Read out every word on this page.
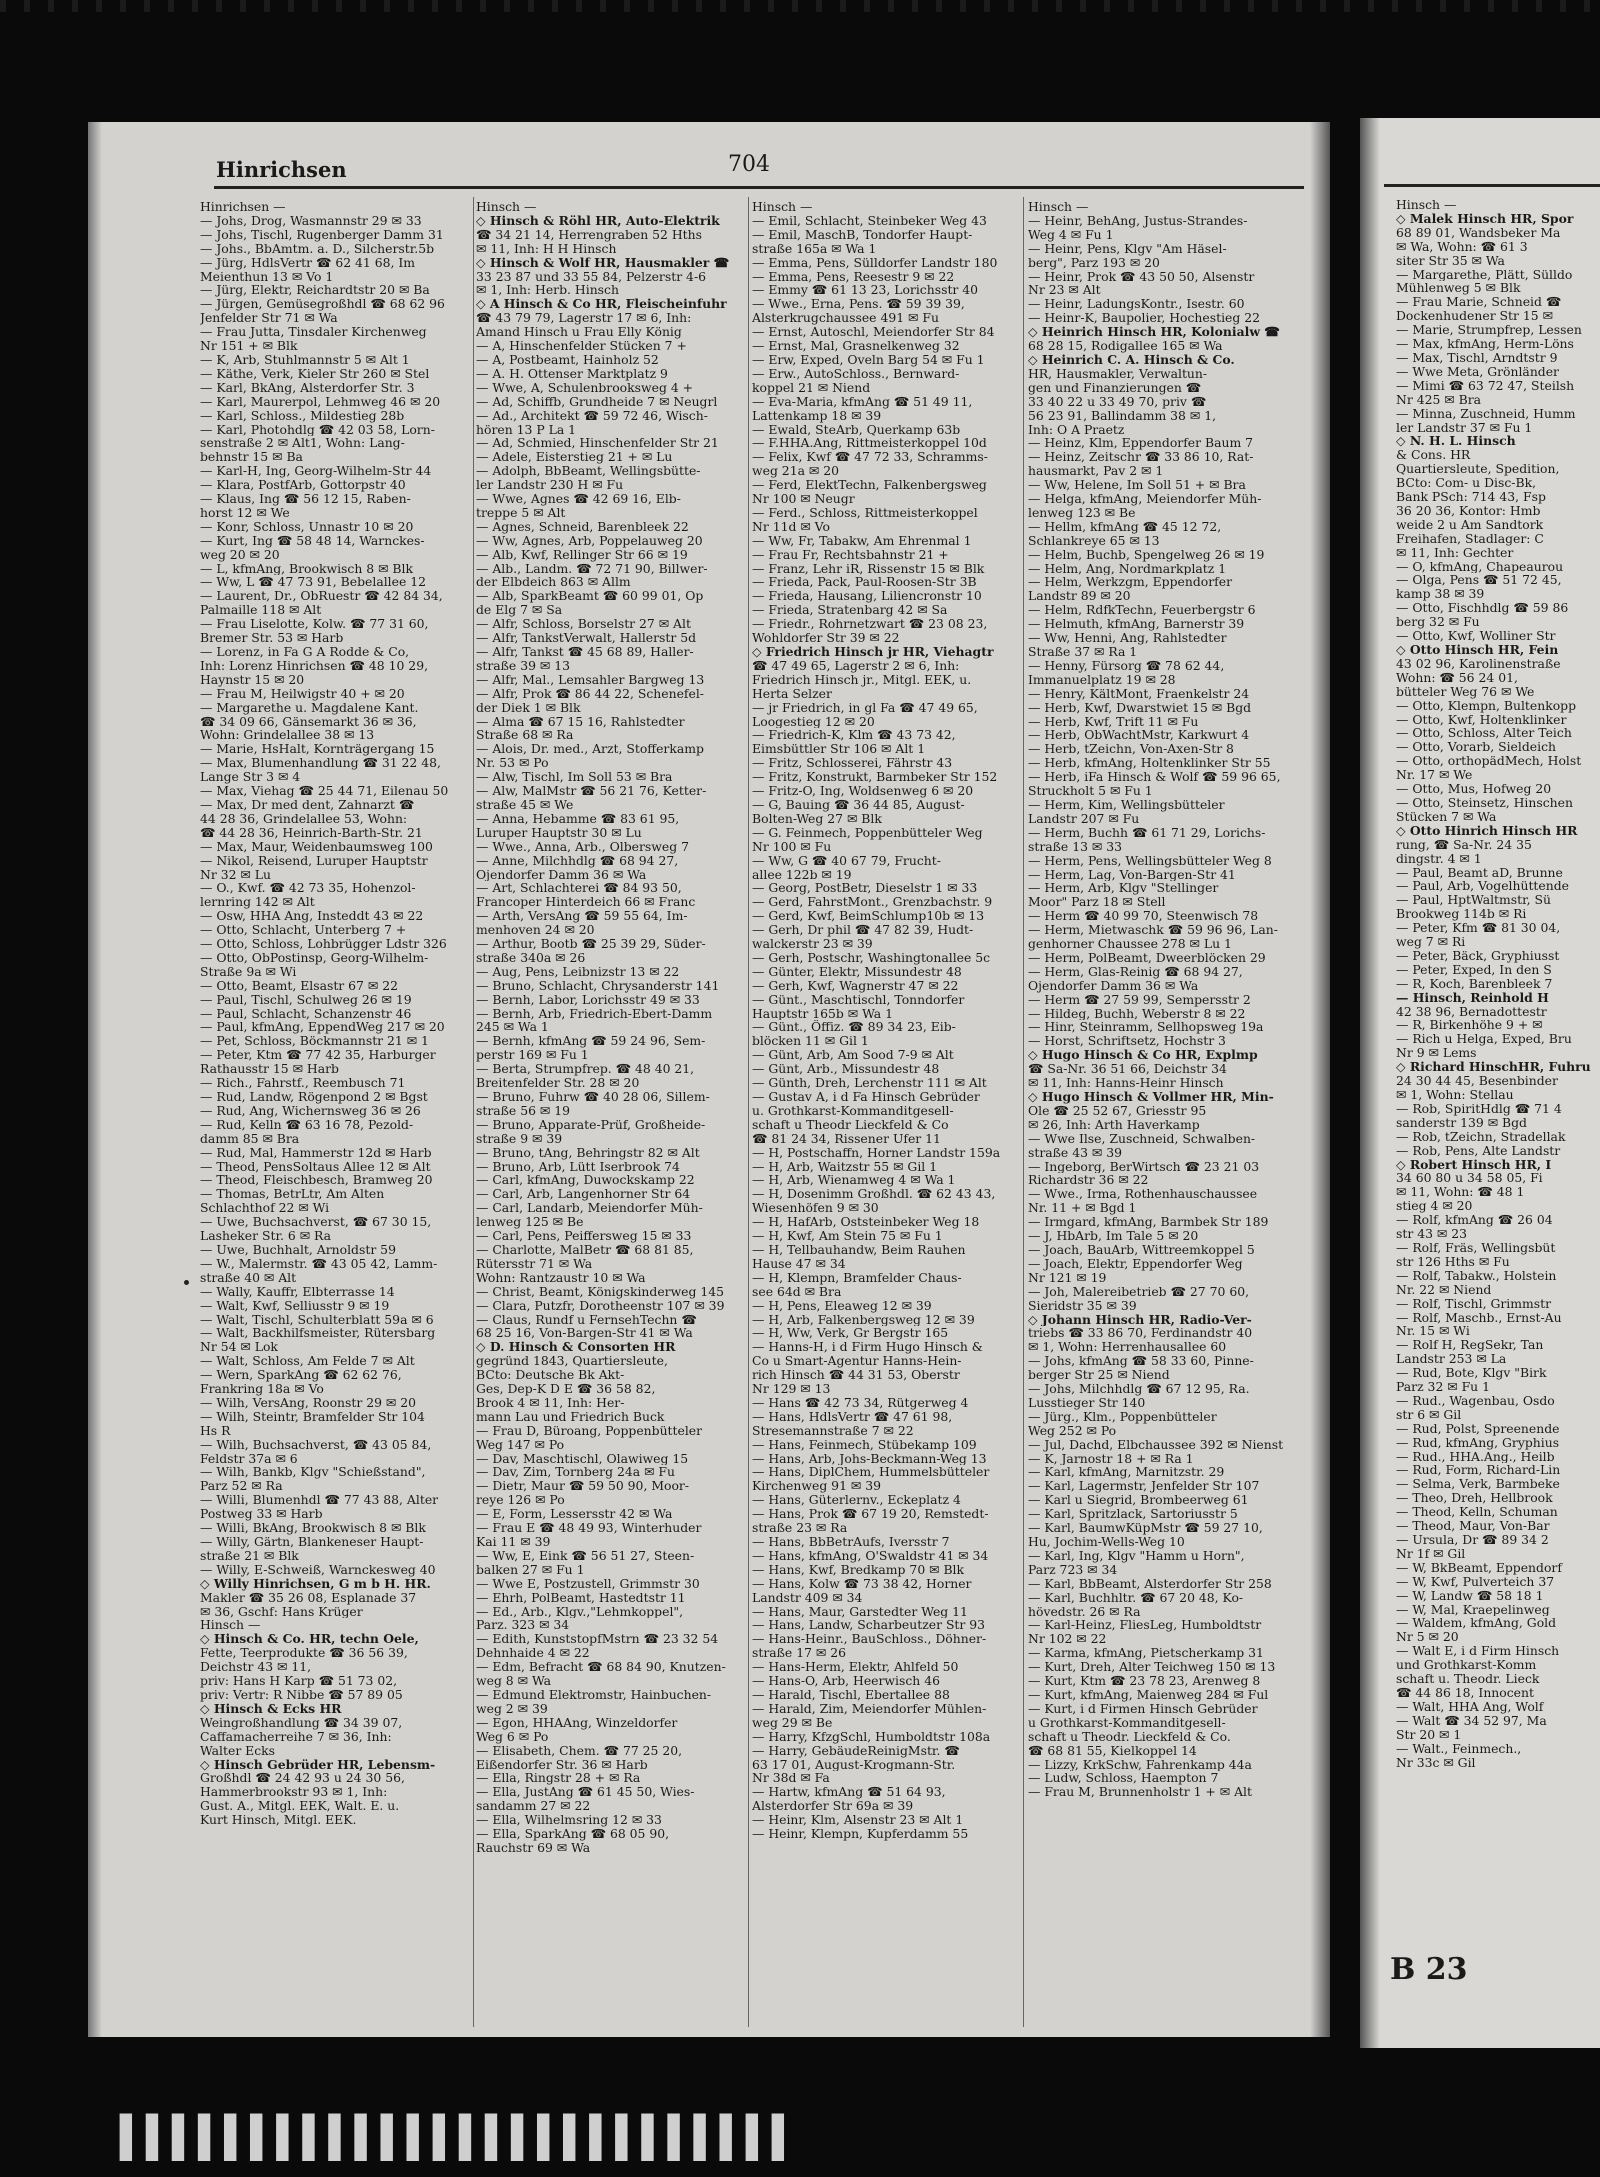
Hinrichsen	704

Hinrichsen —

— Johs, Drog, Wasmannstr 29 ✉ 33

— Johs, Tischl, Rugenberger Damm 31

— Johs., BbAmtm. a. D., Silcherstr.5b

— Jürg, HdlsVertr ☎ 62 41 68, Im

Meienthun 13 ✉ Vo 1

— Jürg, Elektr, Reichardtstr 20 ✉ Ba

— Jürgen, Gemüsegroßhdl ☎ 68 62 96

Jenfelder Str 71 ✉ Wa

— Frau Jutta, Tinsdaler Kirchenweg

Nr 151 + ✉ Blk

— K, Arb, Stuhlmannstr 5 ✉ Alt 1

— Käthe, Verk, Kieler Str 260 ✉ Stel

— Karl, BkAng, Alsterdorfer Str. 3

— Karl, Maurerpol, Lehmweg 46 ✉ 20

— Karl, Schloss., Mildestieg 28b

— Karl, Photohdlg ☎ 42 03 58, Lorn-

senstraße 2 ✉ Alt1, Wohn: Lang-

behnstr 15 ✉ Ba

— Karl-H, Ing, Georg-Wilhelm-Str 44

— Klara, PostfArb, Gottorpstr 40

— Klaus, Ing ☎ 56 12 15, Raben-

horst 12 ✉ We

— Konr, Schloss, Unnastr 10 ✉ 20

— Kurt, Ing ☎ 58 48 14, Warnckes-

weg 20 ✉ 20

— L, kfmAng, Brookwisch 8 ✉ Blk

— Ww, L ☎ 47 73 91, Bebelallee 12

— Laurent, Dr., ObRuestr ☎ 42 84 34,

Palmaille 118 ✉ Alt

— Frau Liselotte, Kolw. ☎ 77 31 60,

Bremer Str. 53 ✉ Harb

— Lorenz, in Fa G A Rodde & Co,

Inh: Lorenz Hinrichsen ☎ 48 10 29,

Haynstr 15 ✉ 20

— Frau M, Heilwigstr 40 + ✉ 20

— Margarethe u. Magdalene Kant.

☎ 34 09 66, Gänsemarkt 36 ✉ 36,

Wohn: Grindelallee 38 ✉ 13

— Marie, HsHalt, Kornträgergang 15

— Max, Blumenhandlung ☎ 31 22 48,

Lange Str 3 ✉ 4

— Max, Viehag ☎ 25 44 71, Eilenau 50

— Max, Dr med dent, Zahnarzt ☎

44 28 36, Grindelallee 53, Wohn:

☎ 44 28 36, Heinrich-Barth-Str. 21

— Max, Maur, Weidenbaumsweg 100

— Nikol, Reisend, Luruper Hauptstr

Nr 32 ✉ Lu

— O., Kwf. ☎ 42 73 35, Hohenzol-

lernring 142 ✉ Alt

— Osw, HHA Ang, Insteddt 43 ✉ 22

— Otto, Schlacht, Unterberg 7 +

— Otto, Schloss, Lohbrügger Ldstr 326

— Otto, ObPostinsp, Georg-Wilhelm-

Straße 9a ✉ Wi

— Otto, Beamt, Elsastr 67 ✉ 22

— Paul, Tischl, Schulweg 26 ✉ 19

— Paul, Schlacht, Schanzenstr 46

— Paul, kfmAng, EppendWeg 217 ✉ 20

— Pet, Schloss, Böckmannstr 21 ✉ 1

— Peter, Ktm ☎ 77 42 35, Harburger

Rathausstr 15 ✉ Harb

— Rich., Fahrstf., Reembusch 71

— Rud, Landw, Rögenpond 2 ✉ Bgst

— Rud, Ang, Wichernsweg 36 ✉ 26

— Rud, Kelln ☎ 63 16 78, Pezold-

damm 85 ✉ Bra

— Rud, Mal, Hammerstr 12d ✉ Harb

— Theod, PensSoltaus Allee 12 ✉ Alt

— Theod, Fleischbesch, Bramweg 20

— Thomas, BetrLtr, Am Alten

Schlachthof 22 ✉ Wi

— Uwe, Buchsachverst, ☎ 67 30 15,

Lasheker Str. 6 ✉ Ra

— Uwe, Buchhalt, Arnoldstr 59

— W., Malermstr. ☎ 43 05 42, Lamm-

straße 40 ✉ Alt

— Wally, Kauffr, Elbterrasse 14

— Walt, Kwf, Selliusstr 9 ✉ 19

— Walt, Tischl, Schulterblatt 59a ✉ 6

— Walt, Backhilfsmeister, Rütersbarg

Nr 54 ✉ Lok

— Walt, Schloss, Am Felde 7 ✉ Alt

— Wern, SparkAng ☎ 62 62 76,

Frankring 18a ✉ Vo

— Wilh, VersAng, Roonstr 29 ✉ 20

— Wilh, Steintr, Bramfelder Str 104

Hs R

— Wilh, Buchsachverst, ☎ 43 05 84,

Feldstr 37a ✉ 6

— Wilh, Bankb, Klgv "Schießstand",

Parz 52 ✉ Ra

— Willi, Blumenhdl ☎ 77 43 88, Alter

Postweg 33 ✉ Harb

— Willi, BkAng, Brookwisch 8 ✉ Blk

— Willy, Gärtn, Blankeneser Haupt-

straße 21 ✉ Blk

— Willy, E-Schweiß, Warnckesweg 40

◇ Willy Hinrichsen, G m b H. HR.

Makler ☎ 35 26 08, Esplanade 37

✉ 36, Gschf: Hans Krüger

Hinsch —

◇ Hinsch & Co. HR, techn Oele,

Fette, Teerprodukte ☎ 36 56 39,

Deichstr 43 ✉ 11,

priv: Hans H Karp ☎ 51 73 02,

priv: Vertr: R Nibbe ☎ 57 89 05

◇ Hinsch & Ecks HR

Weingroßhandlung ☎ 34 39 07,

Caffamacherreihe 7 ✉ 36, Inh:

Walter Ecks

◇ Hinsch Gebrüder HR, Lebensm-

Großhdl ☎ 24 42 93 u 24 30 56,

Hammerbrookstr 93 ✉ 1, Inh:

Gust. A., Mitgl. EEK, Walt. E. u.

Kurt Hinsch, Mitgl. EEK.

Hinsch —

◇ Hinsch & Röhl HR, Auto-Elektrik

☎ 34 21 14, Herrengraben 52 Hths

✉ 11, Inh: H H Hinsch

◇ Hinsch & Wolf HR, Hausmakler ☎

33 23 87 und 33 55 84, Pelzerstr 4-6

✉ 1, Inh: Herb. Hinsch

◇ A Hinsch & Co HR, Fleischeinfuhr

☎ 43 79 79, Lagerstr 17 ✉ 6, Inh:

Amand Hinsch u Frau Elly König

— A, Hinschenfelder Stücken 7 +

— A, Postbeamt, Hainholz 52

— A. H. Ottenser Marktplatz 9

— Wwe, A, Schulenbrooksweg 4 +

— Ad, Schiffb, Grundheide 7 ✉ Neugrl

— Ad., Architekt ☎ 59 72 46, Wisch-

hören 13 P La 1

— Ad, Schmied, Hinschenfelder Str 21

— Adele, Eisterstieg 21 + ✉ Lu

— Adolph, BbBeamt, Wellingsbütte-

ler Landstr 230 H ✉ Fu

— Wwe, Agnes ☎ 42 69 16, Elb-

treppe 5 ✉ Alt

— Agnes, Schneid, Barenbleek 22

— Ww, Agnes, Arb, Poppelauweg 20

— Alb, Kwf, Rellinger Str 66 ✉ 19

— Alb., Landm. ☎ 72 71 90, Billwer-

der Elbdeich 863 ✉ Allm

— Alb, SparkBeamt ☎ 60 99 01, Op

de Elg 7 ✉ Sa

— Alfr, Schloss, Borselstr 27 ✉ Alt

— Alfr, TankstVerwalt, Hallerstr 5d

— Alfr, Tankst ☎ 45 68 89, Haller-

straße 39 ✉ 13

— Alfr, Mal., Lemsahler Bargweg 13

— Alfr, Prok ☎ 86 44 22, Schenefel-

der Diek 1 ✉ Blk

— Alma ☎ 67 15 16, Rahlstedter

Straße 68 ✉ Ra

— Alois, Dr. med., Arzt, Stofferkamp

Nr. 53 ✉ Po

— Alw, Tischl, Im Soll 53 ✉ Bra

— Alw, MalMstr ☎ 56 21 76, Ketter-

straße 45 ✉ We

— Anna, Hebamme ☎ 83 61 95,

Luruper Hauptstr 30 ✉ Lu

— Wwe., Anna, Arb., Olbersweg 7

— Anne, Milchhdlg ☎ 68 94 27,

Ojendorfer Damm 36 ✉ Wa

— Art, Schlachterei ☎ 84 93 50,

Francoper Hinterdeich 66 ✉ Franc

— Arth, VersAng ☎ 59 55 64, Im-

menhoven 24 ✉ 20

— Arthur, Bootb ☎ 25 39 29, Süder-

straße 340a ✉ 26

— Aug, Pens, Leibnizstr 13 ✉ 22

— Bruno, Schlacht, Chrysanderstr 141

— Bernh, Labor, Lorichsstr 49 ✉ 33

— Bernh, Arb, Friedrich-Ebert-Damm

245 ✉ Wa 1

— Bernh, kfmAng ☎ 59 24 96, Sem-

perstr 169 ✉ Fu 1

— Berta, Strumpfrep. ☎ 48 40 21,

Breitenfelder Str. 28 ✉ 20

— Bruno, Fuhrw ☎ 40 28 06, Sillem-

straße 56 ✉ 19

— Bruno, Apparate-Prüf, Großheide-

straße 9 ✉ 39

— Bruno, tAng, Behringstr 82 ✉ Alt

— Bruno, Arb, Lütt Iserbrook 74

— Carl, kfmAng, Duwockskamp 22

— Carl, Arb, Langenhorner Str 64

— Carl, Landarb, Meiendorfer Müh-

lenweg 125 ✉ Be

— Carl, Pens, Peiffersweg 15 ✉ 33

— Charlotte, MalBetr ☎ 68 81 85,

Rütersstr 71 ✉ Wa

Wohn: Rantzaustr 10 ✉ Wa

— Christ, Beamt, Königskinderweg 145

— Clara, Putzfr, Dorotheenstr 107 ✉ 39

— Claus, Rundf u FernsehTechn ☎

68 25 16, Von-Bargen-Str 41 ✉ Wa

◇ D. Hinsch & Consorten HR

gegründ 1843, Quartiersleute,

BCto: Deutsche Bk Akt-

Ges, Dep-K D E ☎ 36 58 82,

Brook 4 ✉ 11, Inh: Her-

mann Lau und Friedrich Buck

— Frau D, Büroang, Poppenbütteler

Weg 147 ✉ Po

— Dav, Maschtischl, Olawiweg 15

— Dav, Zim, Tornberg 24a ✉ Fu

— Dietr, Maur ☎ 59 50 90, Moor-

reye 126 ✉ Po

— E, Form, Lessersstr 42 ✉ Wa

— Frau E ☎ 48 49 93, Winterhuder

Kai 11 ✉ 39

— Ww, E, Eink ☎ 56 51 27, Steen-

balken 27 ✉ Fu 1

— Wwe E, Postzustell, Grimmstr 30

— Ehrh, PolBeamt, Hastedtstr 11

— Ed., Arb., Klgv.,"Lehmkoppel",

Parz. 323 ✉ 34

— Edith, KunststopfMstrn ☎ 23 32 54

Dehnhaide 4 ✉ 22

— Edm, Befracht ☎ 68 84 90, Knutzen-

weg 8 ✉ Wa

— Edmund Elektromstr, Hainbuchen-

weg 2 ✉ 39

— Egon, HHAAng, Winzeldorfer

Weg 6 ✉ Po

— Elisabeth, Chem. ☎ 77 25 20,

Eißendorfer Str. 36 ✉ Harb

— Ella, Ringstr 28 + ✉ Ra

— Ella, JustAng ☎ 61 45 50, Wies-

sandamm 27 ✉ 22

— Ella, Wilhelmsring 12 ✉ 33

— Ella, SparkAng ☎ 68 05 90,

Rauchstr 69 ✉ Wa

Hinsch —

— Emil, Schlacht, Steinbeker Weg 43

— Emil, MaschB, Tondorfer Haupt-

straße 165a ✉ Wa 1

— Emma, Pens, Sülldorfer Landstr 180

— Emma, Pens, Reesestr 9 ✉ 22

— Emmy ☎ 61 13 23, Lorichsstr 40

— Wwe., Erna, Pens. ☎ 59 39 39,

Alsterkrugchaussee 491 ✉ Fu

— Ernst, Autoschl, Meiendorfer Str 84

— Ernst, Mal, Grasnelkenweg 32

— Erw, Exped, Oveln Barg 54 ✉ Fu 1

— Erw., AutoSchloss., Bernward-

koppel 21 ✉ Niend

— Eva-Maria, kfmAng ☎ 51 49 11,

Lattenkamp 18 ✉ 39

— Ewald, SteArb, Querkamp 63b

— F.HHA.Ang, Rittmeisterkoppel 10d

— Felix, Kwf ☎ 47 72 33, Schramms-

weg 21a ✉ 20

— Ferd, ElektTechn, Falkenbergsweg

Nr 100 ✉ Neugr

— Ferd., Schloss, Rittmeisterkoppel

Nr 11d ✉ Vo

— Ww, Fr, Tabakw, Am Ehrenmal 1

— Frau Fr, Rechtsbahnstr 21 +

— Franz, Lehr iR, Rissenstr 15 ✉ Blk

— Frieda, Pack, Paul-Roosen-Str 3B

— Frieda, Hausang, Liliencronstr 10

— Frieda, Stratenbarg 42 ✉ Sa

— Friedr., Rohrnetzwart ☎ 23 08 23,

Wohldorfer Str 39 ✉ 22

◇ Friedrich Hinsch jr HR, Viehagtr

☎ 47 49 65, Lagerstr 2 ✉ 6, Inh:

Friedrich Hinsch jr., Mitgl. EEK, u.

Herta Selzer

— jr Friedrich, in gl Fa ☎ 47 49 65,

Loogestieg 12 ✉ 20

— Friedrich-K, Klm ☎ 43 73 42,

Eimsbüttler Str 106 ✉ Alt 1

— Fritz, Schlosserei, Fährstr 43

— Fritz, Konstrukt, Barmbeker Str 152

— Fritz-O, Ing, Woldsenweg 6 ✉ 20

— G, Bauing ☎ 36 44 85, August-

Bolten-Weg 27 ✉ Blk

— G. Feinmech, Poppenbütteler Weg

Nr 100 ✉ Fu

— Ww, G ☎ 40 67 79, Frucht-

allee 122b ✉ 19

— Georg, PostBetr, Dieselstr 1 ✉ 33

— Gerd, FahrstMont., Grenzbachstr. 9

— Gerd, Kwf, BeimSchlump10b ✉ 13

— Gerh, Dr phil ☎ 47 82 39, Hudt-

walckerstr 23 ✉ 39

— Gerh, Postschr, Washingtonallee 5c

— Günter, Elektr, Missundestr 48

— Gerh, Kwf, Wagnerstr 47 ✉ 22

— Günt., Maschtischl, Tonndorfer

Hauptstr 165b ✉ Wa 1

— Günt., Öffiz. ☎ 89 34 23, Eib-

blöcken 11 ✉ Gil 1

— Günt, Arb, Am Sood 7-9 ✉ Alt

— Günt, Arb., Missundestr 48

— Günth, Dreh, Lerchenstr 111 ✉ Alt

— Gustav A, i d Fa Hinsch Gebrüder

u. Grothkarst-Kommanditgesell-

schaft u Theodr Lieckfeld & Co

☎ 81 24 34, Rissener Ufer 11

— H, Postschaffn, Horner Landstr 159a

— H, Arb, Waitzstr 55 ✉ Gil 1

— H, Arb, Wienamweg 4 ✉ Wa 1

— H, Dosenimm Großhdl. ☎ 62 43 43,

Wiesenhöfen 9 ✉ 30

— H, HafArb, Oststeinbeker Weg 18

— H, Kwf, Am Stein 75 ✉ Fu 1

— H, Tellbauhandw, Beim Rauhen

Hause 47 ✉ 34

— H, Klempn, Bramfelder Chaus-

see 64d ✉ Bra

— H, Pens, Eleaweg 12 ✉ 39

— H, Arb, Falkenbergsweg 12 ✉ 39

— H, Ww, Verk, Gr Bergstr 165

— Hanns-H, i d Firm Hugo Hinsch &

Co u Smart-Agentur Hanns-Hein-

rich Hinsch ☎ 44 31 53, Oberstr

Nr 129 ✉ 13

— Hans ☎ 42 73 34, Rütgerweg 4

— Hans, HdlsVertr ☎ 47 61 98,

Stresemannstraße 7 ✉ 22

— Hans, Feinmech, Stübekamp 109

— Hans, Arb, Johs-Beckmann-Weg 13

— Hans, DiplChem, Hummelsbütteler

Kirchenweg 91 ✉ 39

— Hans, Güterlernv., Eckeplatz 4

— Hans, Prok ☎ 67 19 20, Remstedt-

straße 23 ✉ Ra

— Hans, BbBetrAufs, Iversstr 7

— Hans, kfmAng, O'Swaldstr 41 ✉ 34

— Hans, Kwf, Bredkamp 70 ✉ Blk

— Hans, Kolw ☎ 73 38 42, Horner

Landstr 409 ✉ 34

— Hans, Maur, Garstedter Weg 11

— Hans, Landw, Scharbeutzer Str 93

— Hans-Heinr., BauSchloss., Döhner-

straße 17 ✉ 26

— Hans-Herm, Elektr, Ahlfeld 50

— Hans-O, Arb, Heerwisch 46

— Harald, Tischl, Ebertallee 88

— Harald, Zim, Meiendorfer Mühlen-

weg 29 ✉ Be

— Harry, KfzgSchl, Humboldtstr 108a

— Harry, GebäudeReinigMstr. ☎

63 17 01, August-Krogmann-Str.

Nr 38d ✉ Fa

— Hartw, kfmAng ☎ 51 64 93,

Alsterdorfer Str 69a ✉ 39

— Heinr, Klm, Alsenstr 23 ✉ Alt 1

— Heinr, Klempn, Kupferdamm 55

Hinsch —

— Heinr, BehAng, Justus-Strandes-

Weg 4 ✉ Fu 1

— Heinr, Pens, Klgv "Am Häsel-

berg", Parz 193 ✉ 20

— Heinr, Prok ☎ 43 50 50, Alsenstr

Nr 23 ✉ Alt

— Heinr, LadungsKontr., Isestr. 60

— Heinr-K, Baupolier, Hochestieg 22

◇ Heinrich Hinsch HR, Kolonialw ☎

68 28 15, Rodigallee 165 ✉ Wa

◇ Heinrich C. A. Hinsch & Co.

HR, Hausmakler, Verwaltun-

gen und Finanzierungen ☎

33 40 22 u 33 49 70, priv ☎

56 23 91, Ballindamm 38 ✉ 1,

Inh: O A Praetz

— Heinz, Klm, Eppendorfer Baum 7

— Heinz, Zeitschr ☎ 33 86 10, Rat-

hausmarkt, Pav 2 ✉ 1

— Ww, Helene, Im Soll 51 + ✉ Bra

— Helga, kfmAng, Meiendorfer Müh-

lenweg 123 ✉ Be

— Hellm, kfmAng ☎ 45 12 72,

Schlankreye 65 ✉ 13

— Helm, Buchb, Spengelweg 26 ✉ 19

— Helm, Ang, Nordmarkplatz 1

— Helm, Werkzgm, Eppendorfer

Landstr 89 ✉ 20

— Helm, RdfkTechn, Feuerbergstr 6

— Helmuth, kfmAng, Barnerstr 39

— Ww, Henni, Ang, Rahlstedter

Straße 37 ✉ Ra 1

— Henny, Fürsorg ☎ 78 62 44,

Immanuelplatz 19 ✉ 28

— Henry, KältMont, Fraenkelstr 24

— Herb, Kwf, Dwarstwiet 15 ✉ Bgd

— Herb, Kwf, Trift 11 ✉ Fu

— Herb, ObWachtMstr, Karkwurt 4

— Herb, tZeichn, Von-Axen-Str 8

— Herb, kfmAng, Holtenklinker Str 55

— Herb, iFa Hinsch & Wolf ☎ 59 96 65,

Struckholt 5 ✉ Fu 1

— Herm, Kim, Wellingsbütteler

Landstr 207 ✉ Fu

— Herm, Buchh ☎ 61 71 29, Lorichs-

straße 13 ✉ 33

— Herm, Pens, Wellingsbütteler Weg 8

— Herm, Lag, Von-Bargen-Str 41

— Herm, Arb, Klgv "Stellinger

Moor" Parz 18 ✉ Stell

— Herm ☎ 40 99 70, Steenwisch 78

— Herm, Mietwaschk ☎ 59 96 96, Lan-

genhorner Chaussee 278 ✉ Lu 1

— Herm, PolBeamt, Dweerblöcken 29

— Herm, Glas-Reinig ☎ 68 94 27,

Ojendorfer Damm 36 ✉ Wa

— Herm ☎ 27 59 99, Sempersstr 2

— Hildeg, Buchh, Weberstr 8 ✉ 22

— Hinr, Steinramm, Sellhopsweg 19a

— Horst, Schriftsetz, Hochstr 3

◇ Hugo Hinsch & Co HR, Explmp

☎ Sa-Nr. 36 51 66, Deichstr 34

✉ 11, Inh: Hanns-Heinr Hinsch

◇ Hugo Hinsch & Vollmer HR, Min-

Ole ☎ 25 52 67, Griesstr 95

✉ 26, Inh: Arth Haverkamp

— Wwe Ilse, Zuschneid, Schwalben-

straße 43 ✉ 39

— Ingeborg, BerWirtsch ☎ 23 21 03

Richardstr 36 ✉ 22

— Wwe., Irma, Rothenhauschaussee

Nr. 11 + ✉ Bgd 1

— Irmgard, kfmAng, Barmbek Str 189

— J, HbArb, Im Tale 5 ✉ 20

— Joach, BauArb, Wittreemkoppel 5

— Joach, Elektr, Eppendorfer Weg

Nr 121 ✉ 19

— Joh, Malereibetrieb ☎ 27 70 60,

Sieridstr 35 ✉ 39

◇ Johann Hinsch HR, Radio-Ver-

triebs ☎ 33 86 70, Ferdinandstr 40

✉ 1, Wohn: Herrenhausallee 60

— Johs, kfmAng ☎ 58 33 60, Pinne-

berger Str 25 ✉ Niend

— Johs, Milchhdlg ☎ 67 12 95, Ra.

Lusstieger Str 140

— Jürg., Klm., Poppenbütteler

Weg 252 ✉ Po

— Jul, Dachd, Elbchaussee 392 ✉ Nienst

— K, Jarnostr 18 + ✉ Ra 1

— Karl, kfmAng, Marnitzstr. 29

— Karl, Lagermstr, Jenfelder Str 107

— Karl u Siegrid, Brombeerweg 61

— Karl, Spritzlack, Sartoriusstr 5

— Karl, BaumwKüpMstr ☎ 59 27 10,

Hu, Jochim-Wells-Weg 10

— Karl, Ing, Klgv "Hamm u Horn",

Parz 723 ✉ 34

— Karl, BbBeamt, Alsterdorfer Str 258

— Karl, Buchhltr. ☎ 67 20 48, Ko-

hövedstr. 26 ✉ Ra

— Karl-Heinz, FliesLeg, Humboldtstr

Nr 102 ✉ 22

— Karma, kfmAng, Pietscherkamp 31

— Kurt, Dreh, Alter Teichweg 150 ✉ 13

— Kurt, Ktm ☎ 23 78 23, Arenweg 8

— Kurt, kfmAng, Maienweg 284 ✉ Ful

— Kurt, i d Firmen Hinsch Gebrüder

u Grothkarst-Kommanditgesell-

schaft u Theodr. Lieckfeld & Co.

☎ 68 81 55, Kielkoppel 14

— Lizzy, KrkSchw, Fahrenkamp 44a

— Ludw, Schloss, Haempton 7

— Frau M, Brunnenholstr 1 + ✉ Alt

Hinsch —

◇ Malek Hinsch HR, Spor

68 89 01, Wandsbeker Ma

✉ Wa, Wohn: ☎ 61 3

siter Str 35 ✉ Wa

— Margarethe, Plätt, Sülldo

Mühlenweg 5 ✉ Blk

— Frau Marie, Schneid ☎

Dockenhudener Str 15 ✉

— Marie, Strumpfrep, Lessen

— Max, kfmAng, Herm-Löns

— Max, Tischl, Arndtstr 9

— Wwe Meta, Grönländer

— Mimi ☎ 63 72 47, Steilsh

Nr 425 ✉ Bra

— Minna, Zuschneid, Humm

ler Landstr 37 ✉ Fu 1

◇ N. H. L. Hinsch

& Cons. HR

Quartiersleute, Spedition,

BCto: Com- u Disc-Bk,

Bank PSch: 714 43, Fsp

36 20 36, Kontor: Hmb

weide 2 u Am Sandtork

Freihafen, Stadlager: C

✉ 11, Inh: Gechter

— O, kfmAng, Chapeaurou

— Olga, Pens ☎ 51 72 45,

kamp 38 ✉ 39

— Otto, Fischhdlg ☎ 59 86

berg 32 ✉ Fu

— Otto, Kwf, Wolliner Str

◇ Otto Hinsch HR, Fein

43 02 96, Karolinenstraße

Wohn: ☎ 56 24 01,

bütteler Weg 76 ✉ We

— Otto, Klempn, Bultenkopp

— Otto, Kwf, Holtenklinker

— Otto, Schloss, Alter Teich

— Otto, Vorarb, Sieldeich

— Otto, orthopädMech, Holst

Nr. 17 ✉ We

— Otto, Mus, Hofweg 20

— Otto, Steinsetz, Hinschen

Stücken 7 ✉ Wa

◇ Otto Hinrich Hinsch HR

rung, ☎ Sa-Nr. 24 35

dingstr. 4 ✉ 1

— Paul, Beamt aD, Brunne

— Paul, Arb, Vogelhüttende

— Paul, HptWaltmstr, Sü

Brookweg 114b ✉ Ri

— Peter, Kfm ☎ 81 30 04,

weg 7 ✉ Ri

— Peter, Bäck, Gryphiusst

— Peter, Exped, In den S

— R, Koch, Barenbleek 7

— Hinsch, Reinhold H

42 38 96, Bernadottestr

— R, Birkenhöhe 9 + ✉

— Rich u Helga, Exped, Bru

Nr 9 ✉ Lems

◇ Richard HinschHR, Fuhru

24 30 44 45, Besenbinder

✉ 1, Wohn: Stellau

— Rob, SpiritHdlg ☎ 71 4

sanderstr 139 ✉ Bgd

— Rob, tZeichn, Stradellak

— Rob, Pens, Alte Landstr

◇ Robert Hinsch HR, I

34 60 80 u 34 58 05, Fi

✉ 11, Wohn: ☎ 48 1

stieg 4 ✉ 20

— Rolf, kfmAng ☎ 26 04

str 43 ✉ 23

— Rolf, Fräs, Wellingsbüt

str 126 Hths ✉ Fu

— Rolf, Tabakw., Holstein

Nr. 22 ✉ Niend

— Rolf, Tischl, Grimmstr

— Rolf, Maschb., Ernst-Au

Nr. 15 ✉ Wi

— Rolf H, RegSekr, Tan

Landstr 253 ✉ La

— Rud, Bote, Klgv "Birk

Parz 32 ✉ Fu 1

— Rud., Wagenbau, Osdo

str 6 ✉ Gil

— Rud, Polst, Spreenende

— Rud, kfmAng, Gryphius

— Rud., HHA.Ang., Heilb

— Rud, Form, Richard-Lin

— Selma, Verk, Barmbeke

— Theo, Dreh, Hellbrook

— Theod, Kelln, Schuman

— Theod, Maur, Von-Bar

— Ursula, Dr ☎ 89 34 2

Nr 1f ✉ Gil

— W, BkBeamt, Eppendorf

— W, Kwf, Pulverteich 37

— W, Landw ☎ 58 18 1

— W, Mal, Kraepelinweg

— Waldem, kfmAng, Gold

Nr 5 ✉ 20

— Walt E, i d Firm Hinsch

und Grothkarst-Komm

schaft u. Theodr. Lieck

☎ 44 86 18, Innocent

— Walt, HHA Ang, Wolf

— Walt ☎ 34 52 97, Ma

Str 20 ✉ 1

— Walt., Feinmech.,

Nr 33c ✉ Gil

B 23
▌▌▌▌▌▌▌▌▌▌▌▌▌▌▌▌▌▌▌▌▌▌▌▌▌▌
